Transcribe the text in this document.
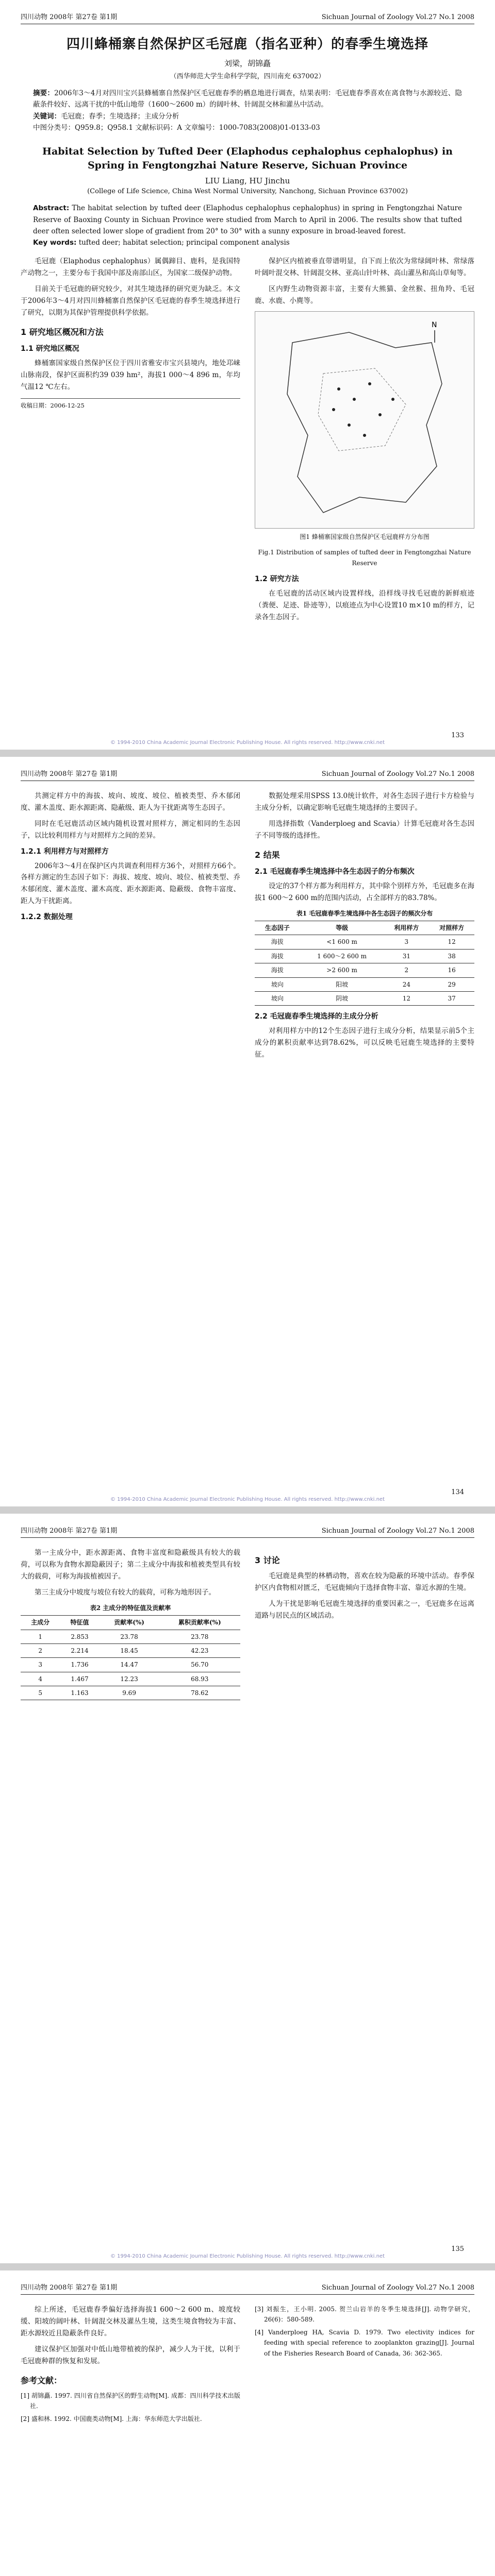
四川动物 2008年 第27卷 第1期	Sichuan Journal of Zoology Vol.27 No.1 2008
四川蜂桶寨自然保护区毛冠鹿（指名亚种）的春季生境选择
刘梁，胡锦矗
（西华师范大学生命科学学院，四川南充 637002）
摘要：2006年3～4月对四川宝兴县蜂桶寨自然保护区毛冠鹿春季的栖息地进行调查，结果表明：毛冠鹿春季喜欢在离食物与水源较近、隐蔽条件较好、远离干扰的中低山地带（1600～2600 m）的阔叶林、针阔混交林和灌丛中活动。
关键词：毛冠鹿；春季；生境选择；主成分分析
中图分类号：Q959.8；Q958.1 文献标识码：A 文章编号：1000-7083(2008)01-0133-03
Habitat Selection by Tufted Deer (Elaphodus cephalophus cephalophus) in Spring in Fengtongzhai Nature Reserve, Sichuan Province
LIU Liang, HU Jinchu
(College of Life Science, China West Normal University, Nanchong, Sichuan Province 637002)
Abstract: The habitat selection by tufted deer (Elaphodus cephalophus cephalophus) in spring in Fengtongzhai Nature Reserve of Baoxing County in Sichuan Province were studied from March to April in 2006. The results show that tufted deer often selected lower slope of gradient from 20° to 30° with a sunny exposure in broad-leaved forest.
Key words: tufted deer; habitat selection; principal component analysis

毛冠鹿（Elaphodus cephalophus）属偶蹄目、鹿科，是我国特产动物之一，主要分布于我国中部及南部山区，为国家二级保护动物。

目前关于毛冠鹿的研究较少，对其生境选择的研究更为缺乏。本文于2006年3～4月对四川蜂桶寨自然保护区毛冠鹿的春季生境选择进行了研究，以期为其保护管理提供科学依据。

1 研究地区概况和方法
1.1 研究地区概况

蜂桶寨国家级自然保护区位于四川省雅安市宝兴县境内，地处邛崃山脉南段，保护区面积约39 039 hm²，海拔1 000～4 896 m，年均气温12 ℃左右。

收稿日期：2006-12-25

保护区内植被垂直带谱明显，自下而上依次为常绿阔叶林、常绿落叶阔叶混交林、针阔混交林、亚高山针叶林、高山灌丛和高山草甸等。

区内野生动物资源丰富，主要有大熊猫、金丝猴、扭角羚、毛冠鹿、水鹿、小麂等。

N
图1 蜂桶寨国家级自然保护区毛冠鹿样方分布图
Fig.1 Distribution of samples of tufted deer in Fengtongzhai Nature Reserve
1.2 研究方法

在毛冠鹿的活动区域内设置样线，沿样线寻找毛冠鹿的新鲜痕迹（粪便、足迹、卧迹等），以痕迹点为中心设置10 m×10 m的样方，记录各生态因子。

133
© 1994-2010 China Academic Journal Electronic Publishing House. All rights reserved. http://www.cnki.net
四川动物 2008年 第27卷 第1期	Sichuan Journal of Zoology Vol.27 No.1 2008

共测定样方中的海拔、坡向、坡度、坡位、植被类型、乔木郁闭度、灌木盖度、距水源距离、隐蔽级、距人为干扰距离等生态因子。

同时在毛冠鹿活动区域内随机设置对照样方，测定相同的生态因子，以比较利用样方与对照样方之间的差异。

1.2.1 利用样方与对照样方

2006年3～4月在保护区内共调查利用样方36个，对照样方66个。各样方测定的生态因子如下：海拔、坡度、坡向、坡位、植被类型、乔木郁闭度、灌木盖度、灌木高度、距水源距离、隐蔽级、食物丰富度、距人为干扰距离。

1.2.2 数据处理

数据处理采用SPSS 13.0统计软件，对各生态因子进行卡方检验与主成分分析，以确定影响毛冠鹿生境选择的主要因子。

用选择指数（Vanderploeg and Scavia）计算毛冠鹿对各生态因子不同等级的选择性。

2 结果
2.1 毛冠鹿春季生境选择中各生态因子的分布频次

设定的37个样方都为利用样方，其中除个别样方外，毛冠鹿多在海拔1 600～2 600 m的范围内活动，占全部样方的83.78%。

表1 毛冠鹿春季生境选择中各生态因子的频次分布
生态因子	等级	利用样方	对照样方
海拔	<1 600 m	3	12
海拔	1 600～2 600 m	31	38
海拔	>2 600 m	2	16
坡向	阳坡	24	29
坡向	阴坡	12	37
2.2 毛冠鹿春季生境选择的主成分分析

对利用样方中的12个生态因子进行主成分分析，结果显示前5个主成分的累积贡献率达到78.62%，可以反映毛冠鹿生境选择的主要特征。

134
© 1994-2010 China Academic Journal Electronic Publishing House. All rights reserved. http://www.cnki.net
四川动物 2008年 第27卷 第1期	Sichuan Journal of Zoology Vol.27 No.1 2008

第一主成分中，距水源距离、食物丰富度和隐蔽级具有较大的载荷，可以称为食物水源隐蔽因子；第二主成分中海拔和植被类型具有较大的载荷，可称为海拔植被因子。

第三主成分中坡度与坡位有较大的载荷，可称为地形因子。

表2 主成分的特征值及贡献率
主成分	特征值	贡献率(%)	累积贡献率(%)
1	2.853	23.78	23.78
2	2.214	18.45	42.23
3	1.736	14.47	56.70
4	1.467	12.23	68.93
5	1.163	9.69	78.62
3 讨论

毛冠鹿是典型的林栖动物，喜欢在较为隐蔽的环境中活动。春季保护区内食物相对匮乏，毛冠鹿倾向于选择食物丰富、靠近水源的生境。

人为干扰是影响毛冠鹿生境选择的重要因素之一，毛冠鹿多在远离道路与居民点的区域活动。

135
© 1994-2010 China Academic Journal Electronic Publishing House. All rights reserved. http://www.cnki.net
四川动物 2008年 第27卷 第1期	Sichuan Journal of Zoology Vol.27 No.1 2008

综上所述，毛冠鹿春季偏好选择海拔1 600～2 600 m、坡度较缓、阳坡的阔叶林、针阔混交林及灌丛生境，这类生境食物较为丰富、距水源较近且隐蔽条件良好。

建议保护区加强对中低山地带植被的保护，减少人为干扰，以利于毛冠鹿种群的恢复和发展。

参考文献：

[1] 胡锦矗. 1997. 四川省自然保护区的野生动物[M]. 成都：四川科学技术出版社.

[2] 盛和林. 1992. 中国鹿类动物[M]. 上海：华东师范大学出版社.

[3] 刘振生，王小明. 2005. 贺兰山岩羊的冬季生境选择[J]. 动物学研究，26(6)：580-589.

[4] Vanderploeg HA, Scavia D. 1979. Two electivity indices for feeding with special reference to zooplankton grazing[J]. Journal of the Fisheries Research Board of Canada, 36: 362-365.
